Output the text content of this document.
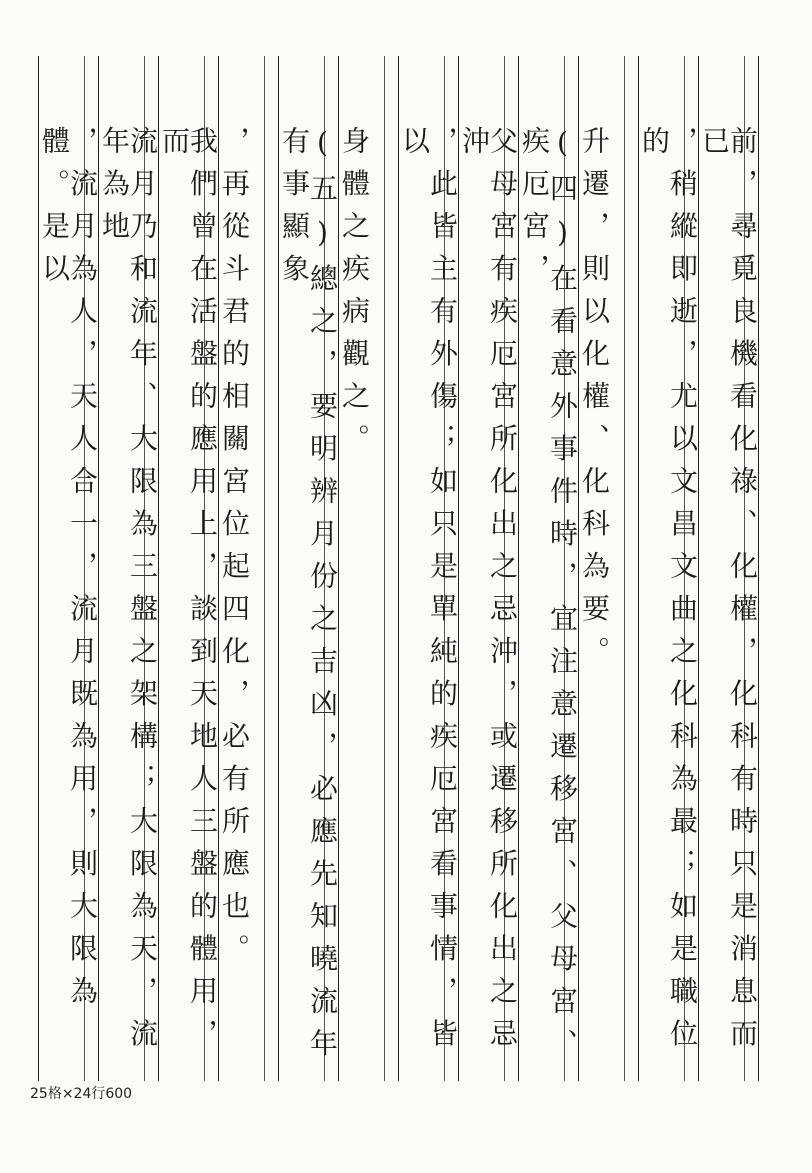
前，尋覓良機看化祿、化權，化科有時只是消息而已
，稍縱即逝，尤以文昌文曲之化科為最；如是職位的
升遷，則以化權、化科為要。
(四)在看意外事件時，宜注意遷移宮、父母宮、疾厄宮，
父母宮有疾厄宮所化出之忌沖，或遷移所化出之忌沖
，此皆主有外傷；如只是單純的疾厄宮看事情，皆以
身體之疾病觀之。
(五)總之，要明辨月份之吉凶，必應先知曉流年有事顯象
，再從斗君的相關宮位起四化，必有所應也。
我們曾在活盤的應用上，談到天地人三盤的體用，而
流月乃和流年、大限為三盤之架構；大限為天，流年為地
，流月為人，天人合一，流月既為用，則大限為體。是以
25格×24行600
